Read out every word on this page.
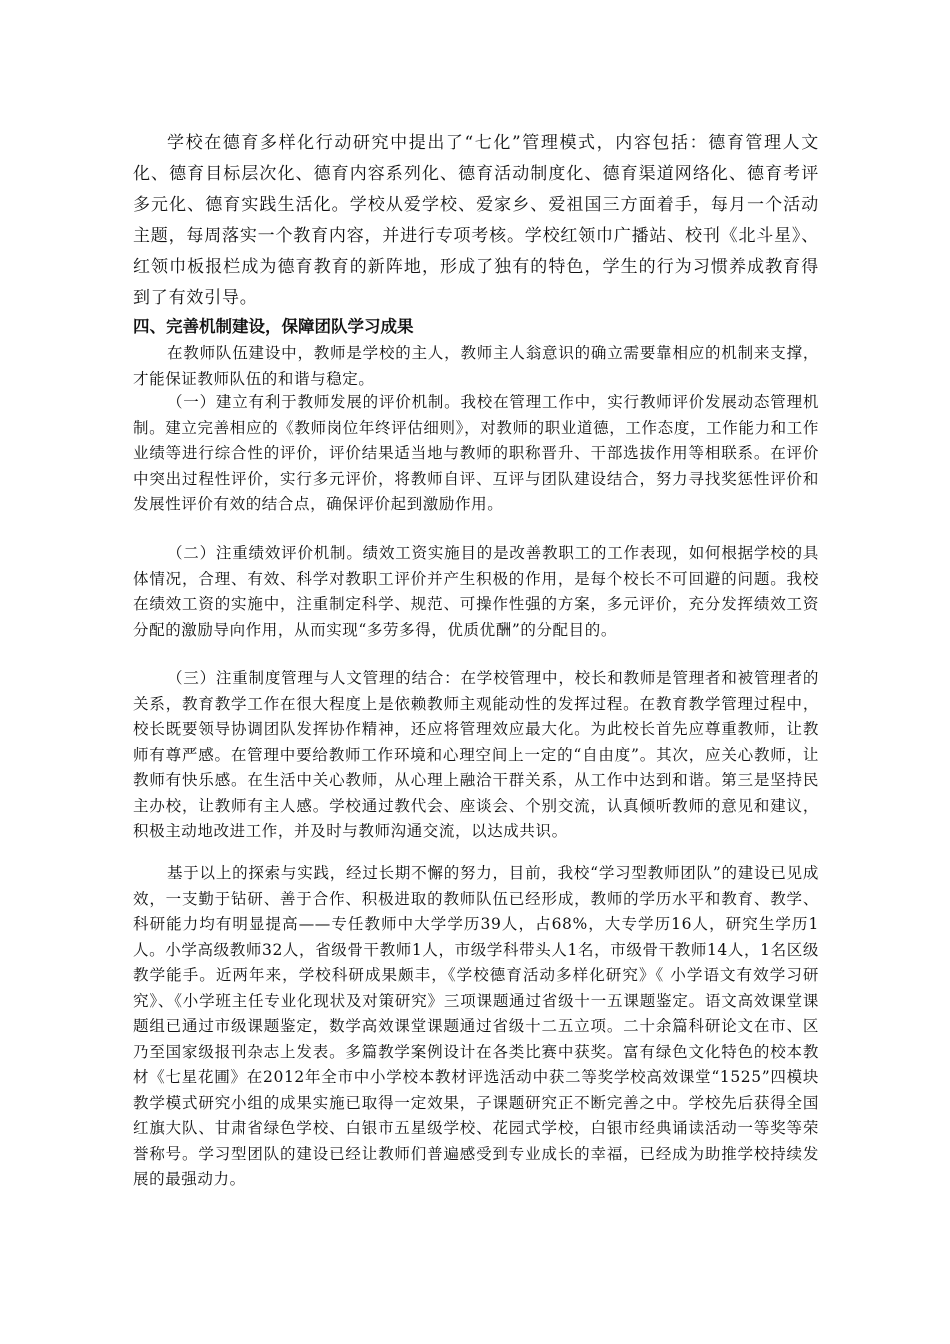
学校在德育多样化行动研究中提出了“七化”管理模式，内容包括：德育管理人文化、德育目标层次化、德育内容系列化、德育活动制度化、德育渠道网络化、德育考评多元化、德育实践生活化。学校从爱学校、爱家乡、爱祖国三方面着手，每月一个活动主题，每周落实一个教育内容，并进行专项考核。学校红领巾广播站、校刊《北斗星》、红领巾板报栏成为德育教育的新阵地，形成了独有的特色，学生的行为习惯养成教育得到了有效引导。

四、完善机制建设，保障团队学习成果

在教师队伍建设中，教师是学校的主人，教师主人翁意识的确立需要靠相应的机制来支撑，才能保证教师队伍的和谐与稳定。

（一）建立有利于教师发展的评价机制。我校在管理工作中，实行教师评价发展动态管理机制。建立完善相应的《教师岗位年终评估细则》，对教师的职业道德，工作态度，工作能力和工作业绩等进行综合性的评价，评价结果适当地与教师的职称晋升、干部选拔作用等相联系。在评价中突出过程性评价，实行多元评价，将教师自评、互评与团队建设结合，努力寻找奖惩性评价和发展性评价有效的结合点，确保评价起到激励作用。

（二）注重绩效评价机制。绩效工资实施目的是改善教职工的工作表现，如何根据学校的具体情况，合理、有效、科学对教职工评价并产生积极的作用，是每个校长不可回避的问题。我校在绩效工资的实施中，注重制定科学、规范、可操作性强的方案，多元评价，充分发挥绩效工资分配的激励导向作用，从而实现“多劳多得，优质优酬”的分配目的。

（三）注重制度管理与人文管理的结合：在学校管理中，校长和教师是管理者和被管理者的关系，教育教学工作在很大程度上是依赖教师主观能动性的发挥过程。在教育教学管理过程中，校长既要领导协调团队发挥协作精神，还应将管理效应最大化。为此校长首先应尊重教师，让教师有尊严感。在管理中要给教师工作环境和心理空间上一定的“自由度”。其次，应关心教师，让教师有快乐感。在生活中关心教师，从心理上融洽干群关系，从工作中达到和谐。第三是坚持民主办校，让教师有主人感。学校通过教代会、座谈会、个别交流，认真倾听教师的意见和建议，积极主动地改进工作，并及时与教师沟通交流，以达成共识。

基于以上的探索与实践，经过长期不懈的努力，目前，我校“学习型教师团队”的建设已见成效，一支勤于钻研、善于合作、积极进取的教师队伍已经形成，教师的学历水平和教育、教学、科研能力均有明显提高——专任教师中大学学历39人，占68%，大专学历16人，研究生学历1人。小学高级教师32人，省级骨干教师1人，市级学科带头人1名，市级骨干教师14人，1名区级教学能手。近两年来，学校科研成果颇丰，《学校德育活动多样化研究》《 小学语文有效学习研究》、《小学班主任专业化现状及对策研究》三项课题通过省级十一五课题鉴定。语文高效课堂课题组已通过市级课题鉴定，数学高效课堂课题通过省级十二五立项。二十余篇科研论文在市、区乃至国家级报刊杂志上发表。多篇教学案例设计在各类比赛中获奖。富有绿色文化特色的校本教材《七星花圃》在2012年全市中小学校本教材评选活动中获二等奖学校高效课堂“1525”四模块教学模式研究小组的成果实施已取得一定效果，子课题研究正不断完善之中。学校先后获得全国红旗大队、甘肃省绿色学校、白银市五星级学校、花园式学校，白银市经典诵读活动一等奖等荣誉称号。学习型团队的建设已经让教师们普遍感受到专业成长的幸福，已经成为助推学校持续发展的最强动力。
